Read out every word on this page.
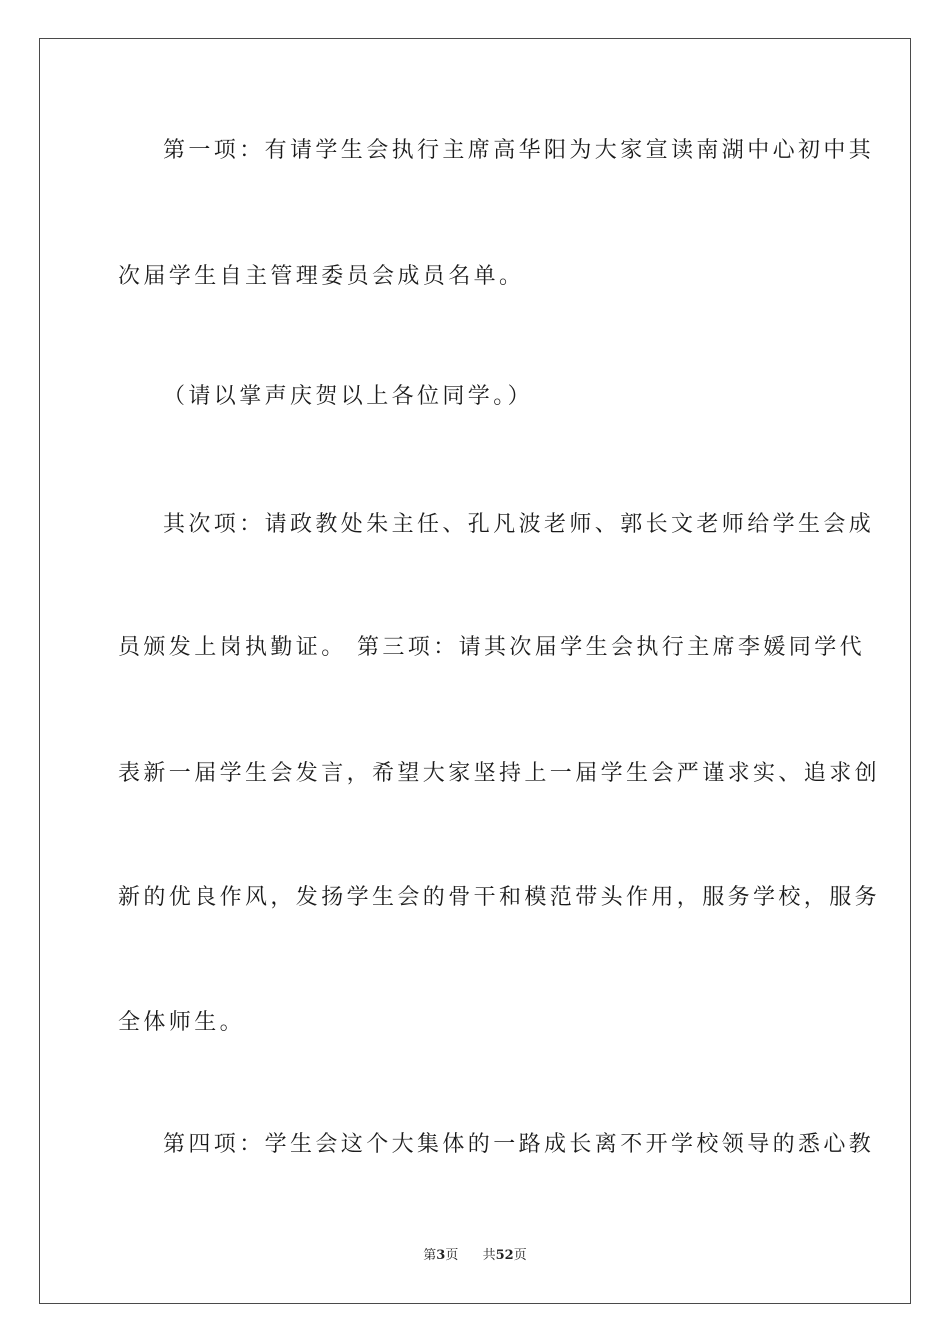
第一项：有请学生会执行主席高华阳为大家宣读南湖中心初中其
次届学生自主管理委员会成员名单。
（请以掌声庆贺以上各位同学。）
其次项：请政教处朱主任、孔凡波老师、郭长文老师给学生会成
员颁发上岗执勤证。 第三项：请其次届学生会执行主席李媛同学代
表新一届学生会发言，希望大家坚持上一届学生会严谨求实、追求创
新的优良作风，发扬学生会的骨干和模范带头作用，服务学校，服务
全体师生。
第四项：学生会这个大集体的一路成长离不开学校领导的悉心教
第3页 共52页
